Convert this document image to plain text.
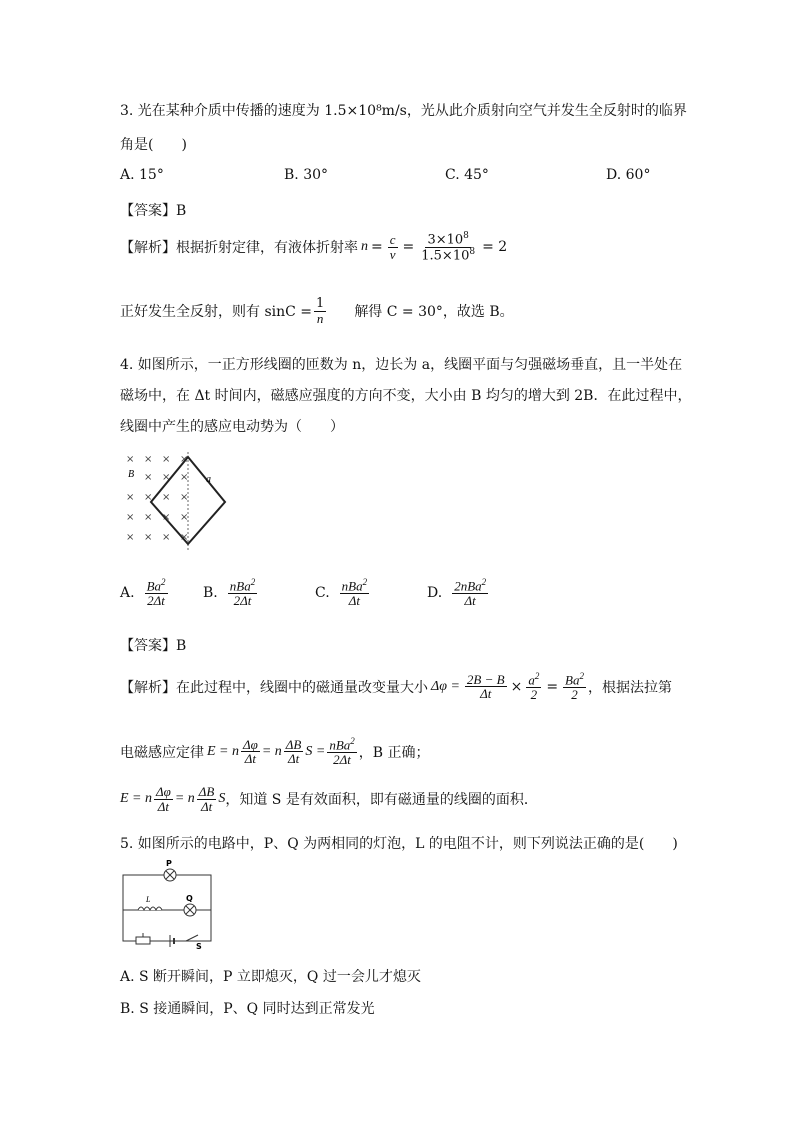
3. 光在某种介质中传播的速度为 1.5×10⁸m/s，光从此介质射向空气并发生全反射时的临界
角是(　　)
A. 15°	B. 30°	C. 45°	D. 60°
【答案】B
【解析】根据折射定律，有液体折射率 $n = \frac{c}{v} = \frac{3\times 10^8}{1.5\times 10^8} = 2$
正好发生全反射，则有 $\sin C = \frac{1}{n}$ 解得 C = 30°，故选 B。
4. 如图所示，一正方形线圈的匝数为 n，边长为 a，线圈平面与匀强磁场垂直，且一半处在
磁场中，在 Δt 时间内，磁感应强度的方向不变，大小由 B 均匀的增大到 2B．在此过程中，
线圈中产生的感应电动势为（　　）
× × × ×
× × ×
× × × ×
× × × ×
× × × ×
B	a
A. $\frac{Ba^2}{2\Delta t}$	B. $\frac{nBa^2}{2\Delta t}$	C. $\frac{nBa^2}{\Delta t}$	D. $\frac{2nBa^2}{\Delta t}$
【答案】B
【解析】在此过程中，线圈中的磁通量改变量大小 $\Delta\varphi = \frac{2B - B}{\Delta t} \times \frac{a^2}{2} = \frac{Ba^2}{2}$ ，根据法拉第
电磁感应定律 E = n $\frac{\Delta\varphi}{\Delta t} = n \frac{\Delta B}{\Delta t}$ $S = \frac{nBa^2}{2\Delta t}$ ，B 正确；
E = n $\frac{\Delta\varphi}{\Delta t} = n \frac{\Delta B}{\Delta t}$ S ，知道 S 是有效面积，即有磁通量的线圈的面积．
5. 如图所示的电路中，P、Q 为两相同的灯泡，L 的电阻不计，则下列说法正确的是(　　)
P
L	Q
S
A. S 断开瞬间，P 立即熄灭，Q 过一会儿才熄灭
B. S 接通瞬间，P、Q 同时达到正常发光
